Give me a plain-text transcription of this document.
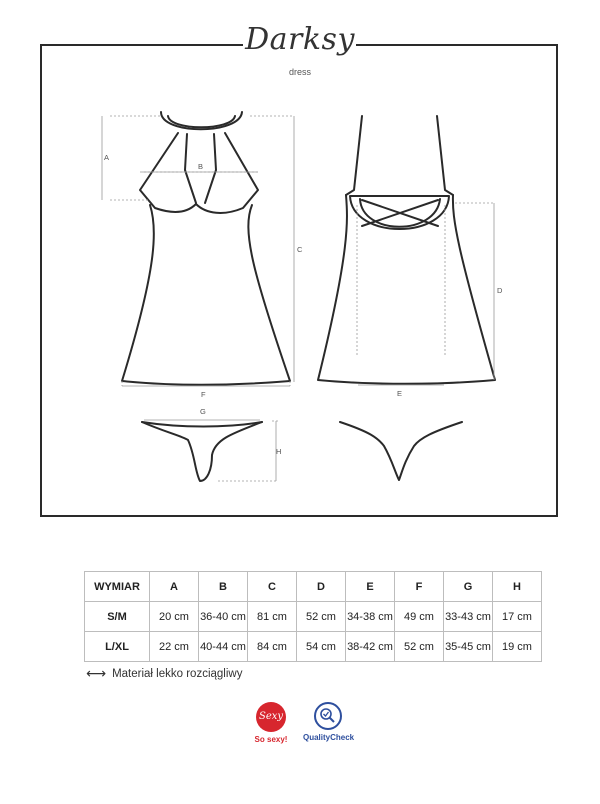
Darksy
dress
A
B
C
D
E
F
G
H
WYMIAR	A	B	C	D	E	F	G	H
S/M	20 cm	36-40 cm	81 cm	52 cm	34-38 cm	49 cm	33-43 cm	17 cm
L/XL	22 cm	40-44 cm	84 cm	54 cm	38-42 cm	52 cm	35-45 cm	19 cm
⟷ Materiał lekko rozciągliwy
Sexy
So sexy!	QualityCheck
